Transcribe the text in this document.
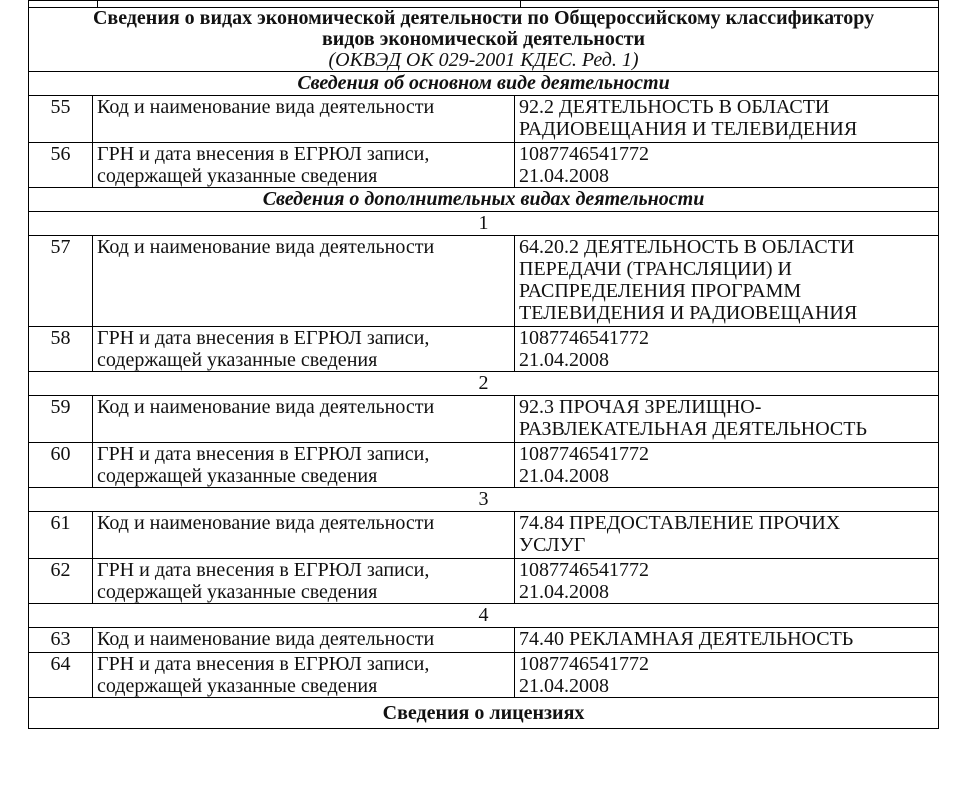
Сведения о видах экономической деятельности по Общероссийскому классификатору
видов экономической деятельности
(ОКВЭД ОК 029-2001 КДЕС. Ред. 1)		

Сведения об основном виде деятельности		
55	Код и наименование вида деятельности	92.2 ДЕЯТЕЛЬНОСТЬ В ОБЛАСТИ
РАДИОВЕЩАНИЯ И ТЕЛЕВИДЕНИЯ
56	ГРН и дата внесения в ЕГРЮЛ записи,
содержащей указанные сведения	1087746541772
21.04.2008
Сведения о дополнительных видах деятельности		
1		
57	Код и наименование вида деятельности	64.20.2 ДЕЯТЕЛЬНОСТЬ В ОБЛАСТИ
ПЕРЕДАЧИ (ТРАНСЛЯЦИИ) И
РАСПРЕДЕЛЕНИЯ ПРОГРАММ
ТЕЛЕВИДЕНИЯ И РАДИОВЕЩАНИЯ
58	ГРН и дата внесения в ЕГРЮЛ записи,
содержащей указанные сведения	1087746541772
21.04.2008
2		
59	Код и наименование вида деятельности	92.3 ПРОЧАЯ ЗРЕЛИЩНО-
РАЗВЛЕКАТЕЛЬНАЯ ДЕЯТЕЛЬНОСТЬ
60	ГРН и дата внесения в ЕГРЮЛ записи,
содержащей указанные сведения	1087746541772
21.04.2008
3		
61	Код и наименование вида деятельности	74.84 ПРЕДОСТАВЛЕНИЕ ПРОЧИХ
УСЛУГ
62	ГРН и дата внесения в ЕГРЮЛ записи,
содержащей указанные сведения	1087746541772
21.04.2008
4		
63	Код и наименование вида деятельности	74.40 РЕКЛАМНАЯ ДЕЯТЕЛЬНОСТЬ
64	ГРН и дата внесения в ЕГРЮЛ записи,
содержащей указанные сведения	1087746541772
21.04.2008
Сведения о лицензиях		
